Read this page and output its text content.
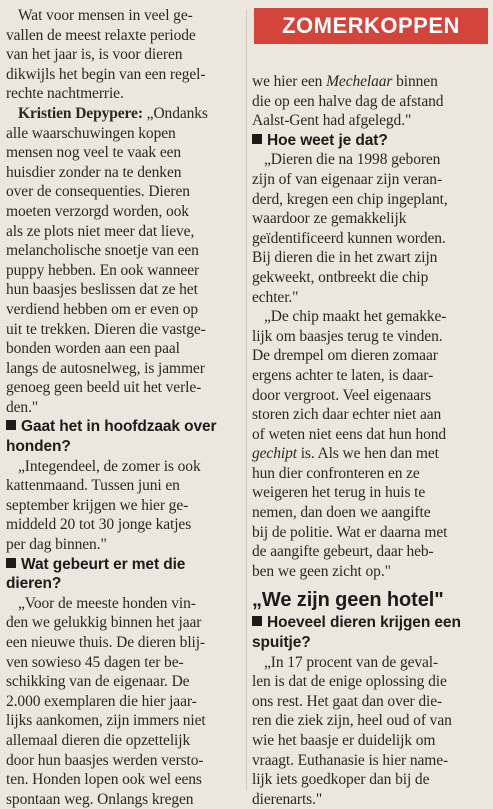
Wat voor mensen in veel ge-

vallen de meest relaxte periode

van het jaar is, is voor dieren

dikwijls het begin van een regel-

rechte nachtmerrie.

Kristien Depypere: „Ondanks

alle waarschuwingen kopen

mensen nog veel te vaak een

huisdier zonder na te denken

over de consequenties. Dieren

moeten verzorgd worden, ook

als ze plots niet meer dat lieve,

melancholische snoetje van een

puppy hebben. En ook wanneer

hun baasjes beslissen dat ze het

verdiend hebben om er even op

uit te trekken. Dieren die vastge-

bonden worden aan een paal

langs de autosnelweg, is jammer

genoeg geen beeld uit het verle-

den."

Gaat het in hoofdzaak over

honden?

„Integendeel, de zomer is ook

kattenmaand. Tussen juni en

september krijgen we hier ge-

middeld 20 tot 30 jonge katjes

per dag binnen."

Wat gebeurt er met die

dieren?

„Voor de meeste honden vin-

den we gelukkig binnen het jaar

een nieuwe thuis. De dieren blij-

ven sowieso 45 dagen ter be-

schikking van de eigenaar. De

2.000 exemplaren die hier jaar-

lijks aankomen, zijn immers niet

allemaal dieren die opzettelijk

door hun baasjes werden versto-

ten. Honden lopen ook wel eens

spontaan weg. Onlangs kregen

ZOMERKOPPEN

we hier een Mechelaar binnen

die op een halve dag de afstand

Aalst-Gent had afgelegd."

Hoe weet je dat?

„Dieren die na 1998 geboren

zijn of van eigenaar zijn veran-

derd, kregen een chip ingeplant,

waardoor ze gemakkelijk

geïdentificeerd kunnen worden.

Bij dieren die in het zwart zijn

gekweekt, ontbreekt die chip

echter."

„De chip maakt het gemakke-

lijk om baasjes terug te vinden.

De drempel om dieren zomaar

ergens achter te laten, is daar-

door vergroot. Veel eigenaars

storen zich daar echter niet aan

of weten niet eens dat hun hond

gechipt is. Als we hen dan met

hun dier confronteren en ze

weigeren het terug in huis te

nemen, dan doen we aangifte

bij de politie. Wat er daarna met

de aangifte gebeurt, daar heb-

ben we geen zicht op."

„We zijn geen hotel"

Hoeveel dieren krijgen een

spuitje?

„In 17 procent van de geval-

len is dat de enige oplossing die

ons rest. Het gaat dan over die-

ren die ziek zijn, heel oud of van

wie het baasje er duidelijk om

vraagt. Euthanasie is hier name-

lijk iets goedkoper dan bij de

dierenarts."
